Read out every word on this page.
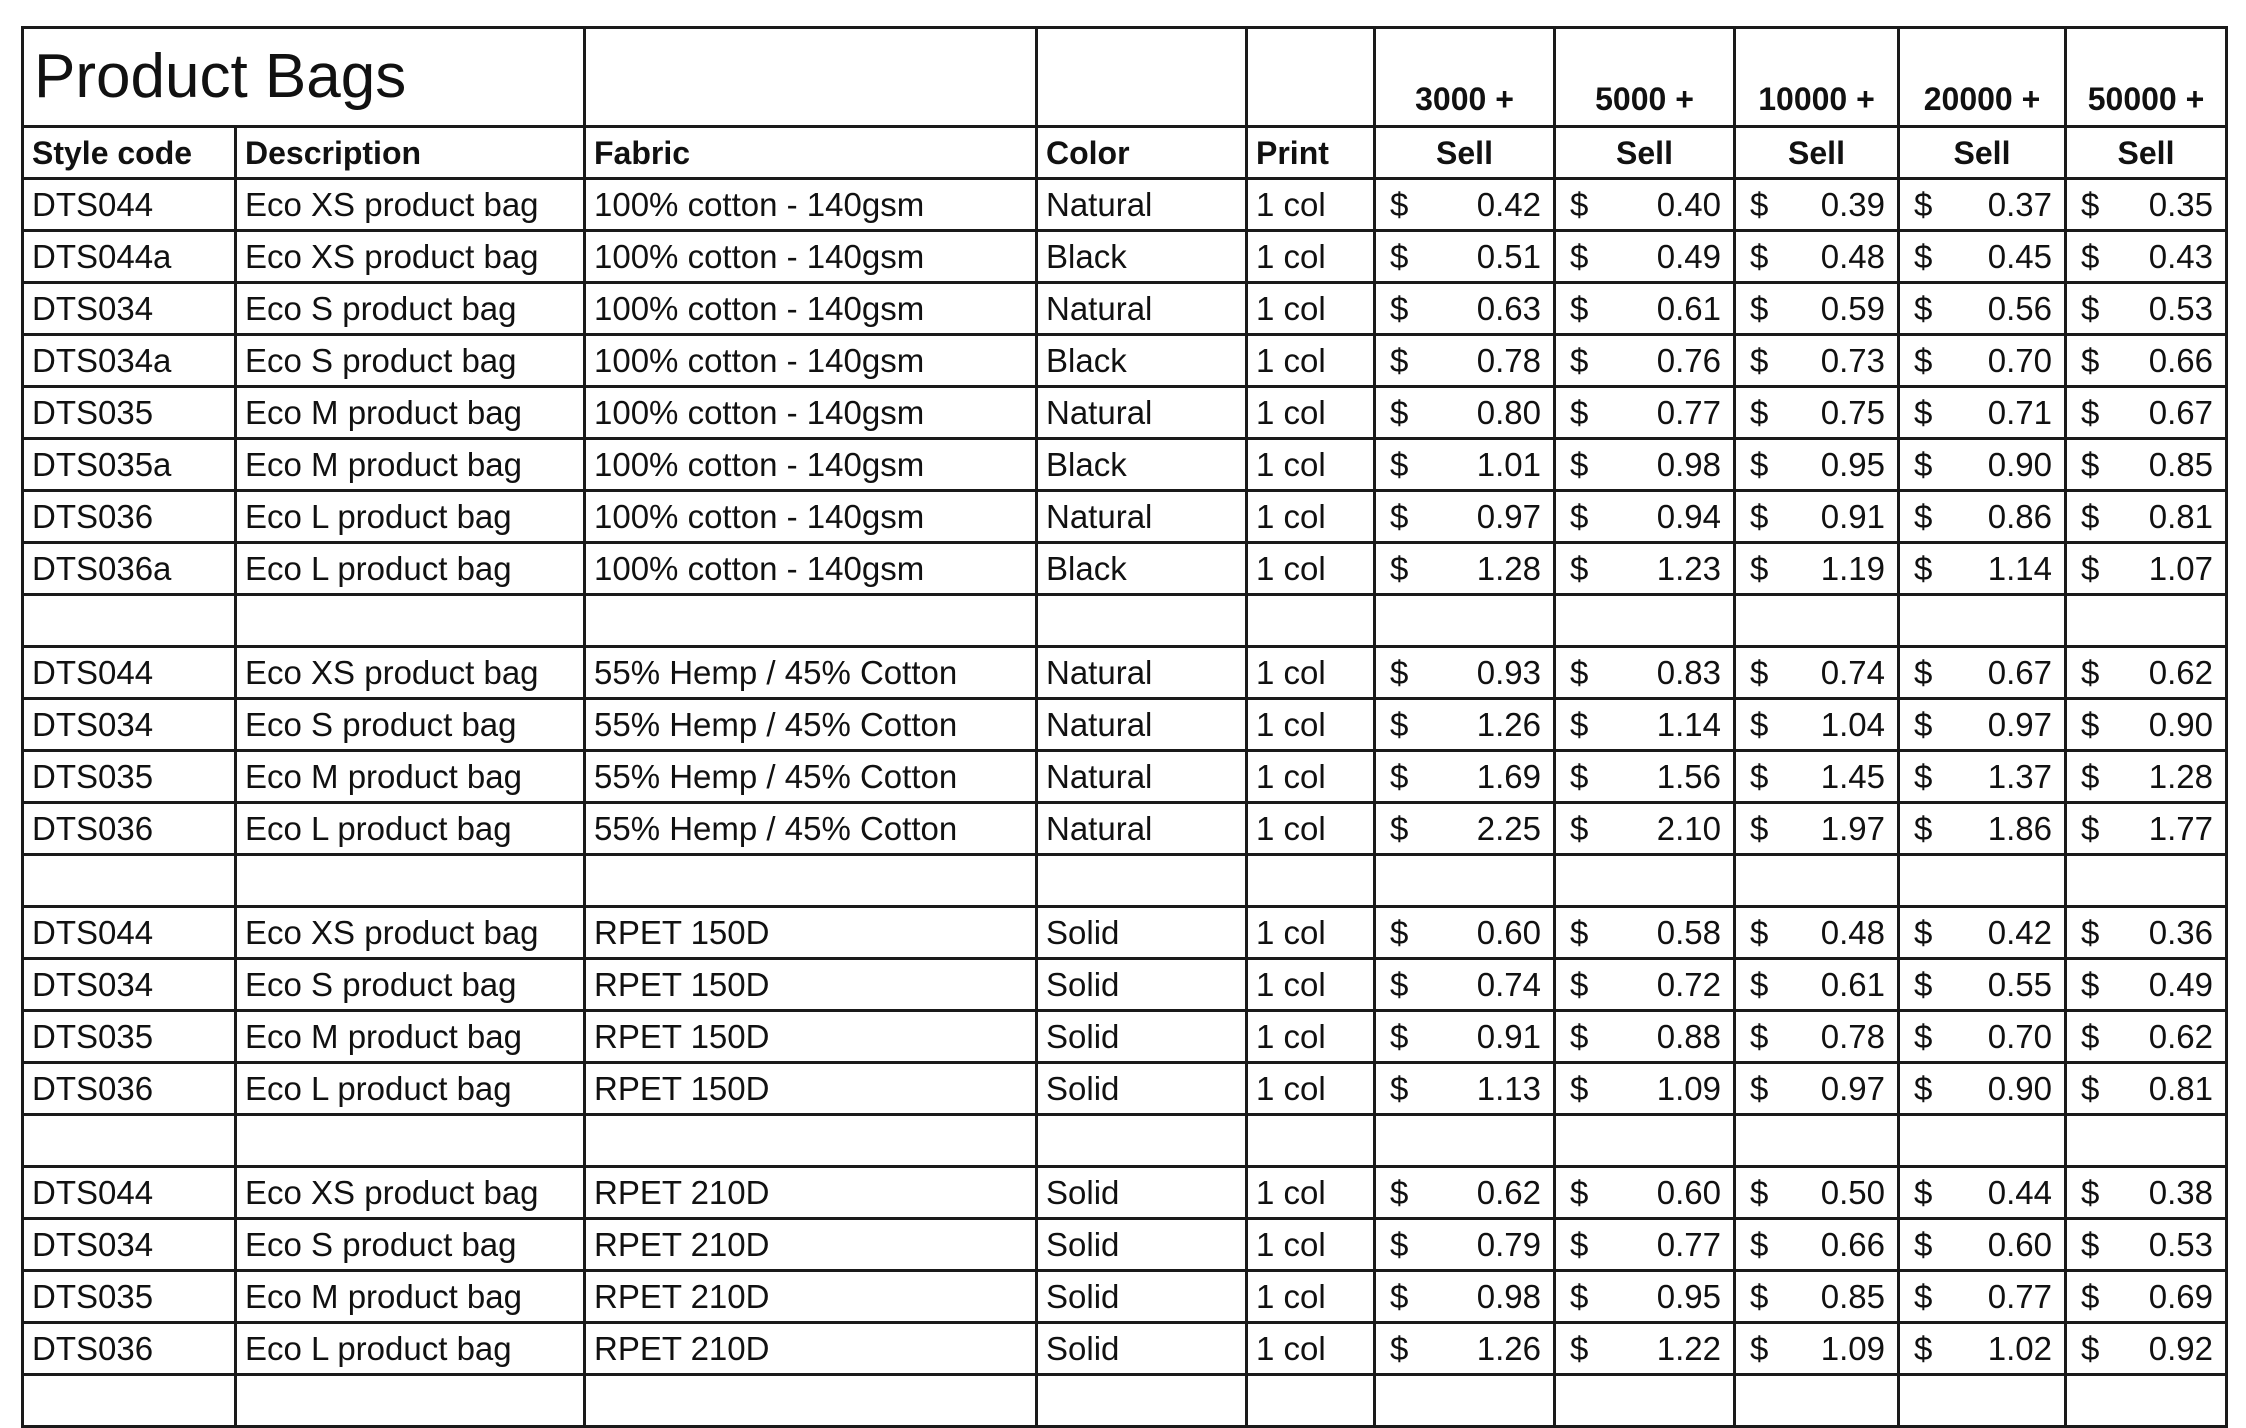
Product Bags					3000 +	5000 +	10000 +	20000 +	50000 +
Style code	Description	Fabric	Color	Print	Sell	Sell	Sell	Sell	Sell
DTS044	Eco XS product bag	100% cotton - 140gsm	Natural	1 col	$ 0.42	$ 0.40	$ 0.39	$ 0.37	$ 0.35

DTS044a	Eco XS product bag	100% cotton - 140gsm	Black	1 col	$ 0.51	$ 0.49	$ 0.48	$ 0.45	$ 0.43

DTS034	Eco S product bag	100% cotton - 140gsm	Natural	1 col	$ 0.63	$ 0.61	$ 0.59	$ 0.56	$ 0.53

DTS034a	Eco S product bag	100% cotton - 140gsm	Black	1 col	$ 0.78	$ 0.76	$ 0.73	$ 0.70	$ 0.66

DTS035	Eco M product bag	100% cotton - 140gsm	Natural	1 col	$ 0.80	$ 0.77	$ 0.75	$ 0.71	$ 0.67

DTS035a	Eco M product bag	100% cotton - 140gsm	Black	1 col	$ 1.01	$ 0.98	$ 0.95	$ 0.90	$ 0.85

DTS036	Eco L product bag	100% cotton - 140gsm	Natural	1 col	$ 0.97	$ 0.94	$ 0.91	$ 0.86	$ 0.81

DTS036a	Eco L product bag	100% cotton - 140gsm	Black	1 col	$ 1.28	$ 1.23	$ 1.19	$ 1.14	$ 1.07

DTS044	Eco XS product bag	55% Hemp / 45% Cotton	Natural	1 col	$ 0.93	$ 0.83	$ 0.74	$ 0.67	$ 0.62

DTS034	Eco S product bag	55% Hemp / 45% Cotton	Natural	1 col	$ 1.26	$ 1.14	$ 1.04	$ 0.97	$ 0.90

DTS035	Eco M product bag	55% Hemp / 45% Cotton	Natural	1 col	$ 1.69	$ 1.56	$ 1.45	$ 1.37	$ 1.28

DTS036	Eco L product bag	55% Hemp / 45% Cotton	Natural	1 col	$ 2.25	$ 2.10	$ 1.97	$ 1.86	$ 1.77

DTS044	Eco XS product bag	RPET 150D	Solid	1 col	$ 0.60	$ 0.58	$ 0.48	$ 0.42	$ 0.36

DTS034	Eco S product bag	RPET 150D	Solid	1 col	$ 0.74	$ 0.72	$ 0.61	$ 0.55	$ 0.49

DTS035	Eco M product bag	RPET 150D	Solid	1 col	$ 0.91	$ 0.88	$ 0.78	$ 0.70	$ 0.62

DTS036	Eco L product bag	RPET 150D	Solid	1 col	$ 1.13	$ 1.09	$ 0.97	$ 0.90	$ 0.81

DTS044	Eco XS product bag	RPET 210D	Solid	1 col	$ 0.62	$ 0.60	$ 0.50	$ 0.44	$ 0.38

DTS034	Eco S product bag	RPET 210D	Solid	1 col	$ 0.79	$ 0.77	$ 0.66	$ 0.60	$ 0.53

DTS035	Eco M product bag	RPET 210D	Solid	1 col	$ 0.98	$ 0.95	$ 0.85	$ 0.77	$ 0.69

DTS036	Eco L product bag	RPET 210D	Solid	1 col	$ 1.26	$ 1.22	$ 1.09	$ 1.02	$ 0.92
